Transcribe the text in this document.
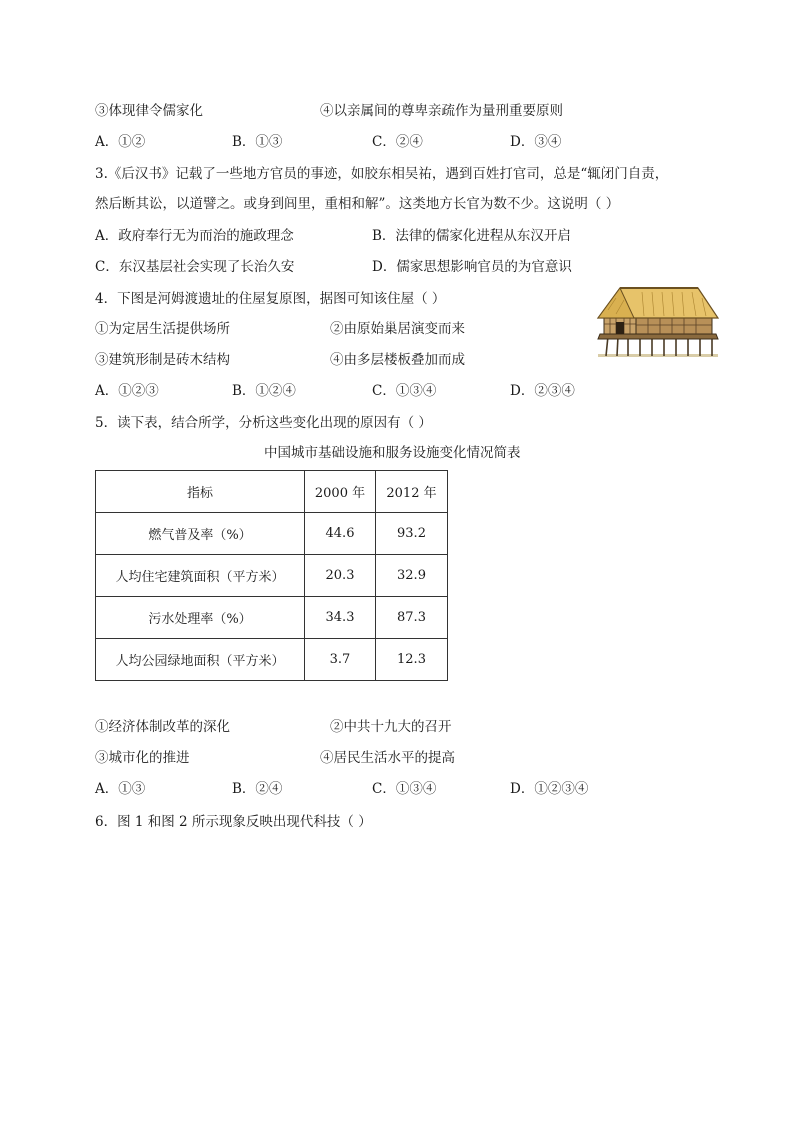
③体现律令儒家化	④以亲属间的尊卑亲疏作为量刑重要原则
A．①②	B．①③	C．②④	D．③④
3.《后汉书》记载了一些地方官员的事迹，如胶东相吴祐，遇到百姓打官司，总是“辄闭门自责，
然后断其讼，以道譬之。或身到闾里，重相和解”。这类地方长官为数不少。这说明（ ）
A．政府奉行无为而治的施政理念	B．法律的儒家化进程从东汉开启
C．东汉基层社会实现了长治久安	D．儒家思想影响官员的为官意识
4．下图是河姆渡遗址的住屋复原图，据图可知该住屋（ ）
①为定居生活提供场所	②由原始巢居演变而来
③建筑形制是砖木结构	④由多层楼板叠加而成
A．①②③	B．①②④	C．①③④	D．②③④
5．读下表，结合所学，分析这些变化出现的原因有（ ）
中国城市基础设施和服务设施变化情况简表
指标	2000 年	2012 年
燃气普及率（%）	44.6	93.2
人均住宅建筑面积（平方米）	20.3	32.9
污水处理率（%）	34.3	87.3
人均公园绿地面积（平方米）	3.7	12.3
①经济体制改革的深化	②中共十九大的召开
③城市化的推进	④居民生活水平的提高
A．①③	B．②④	C．①③④	D．①②③④
6．图 1 和图 2 所示现象反映出现代科技（ ）
